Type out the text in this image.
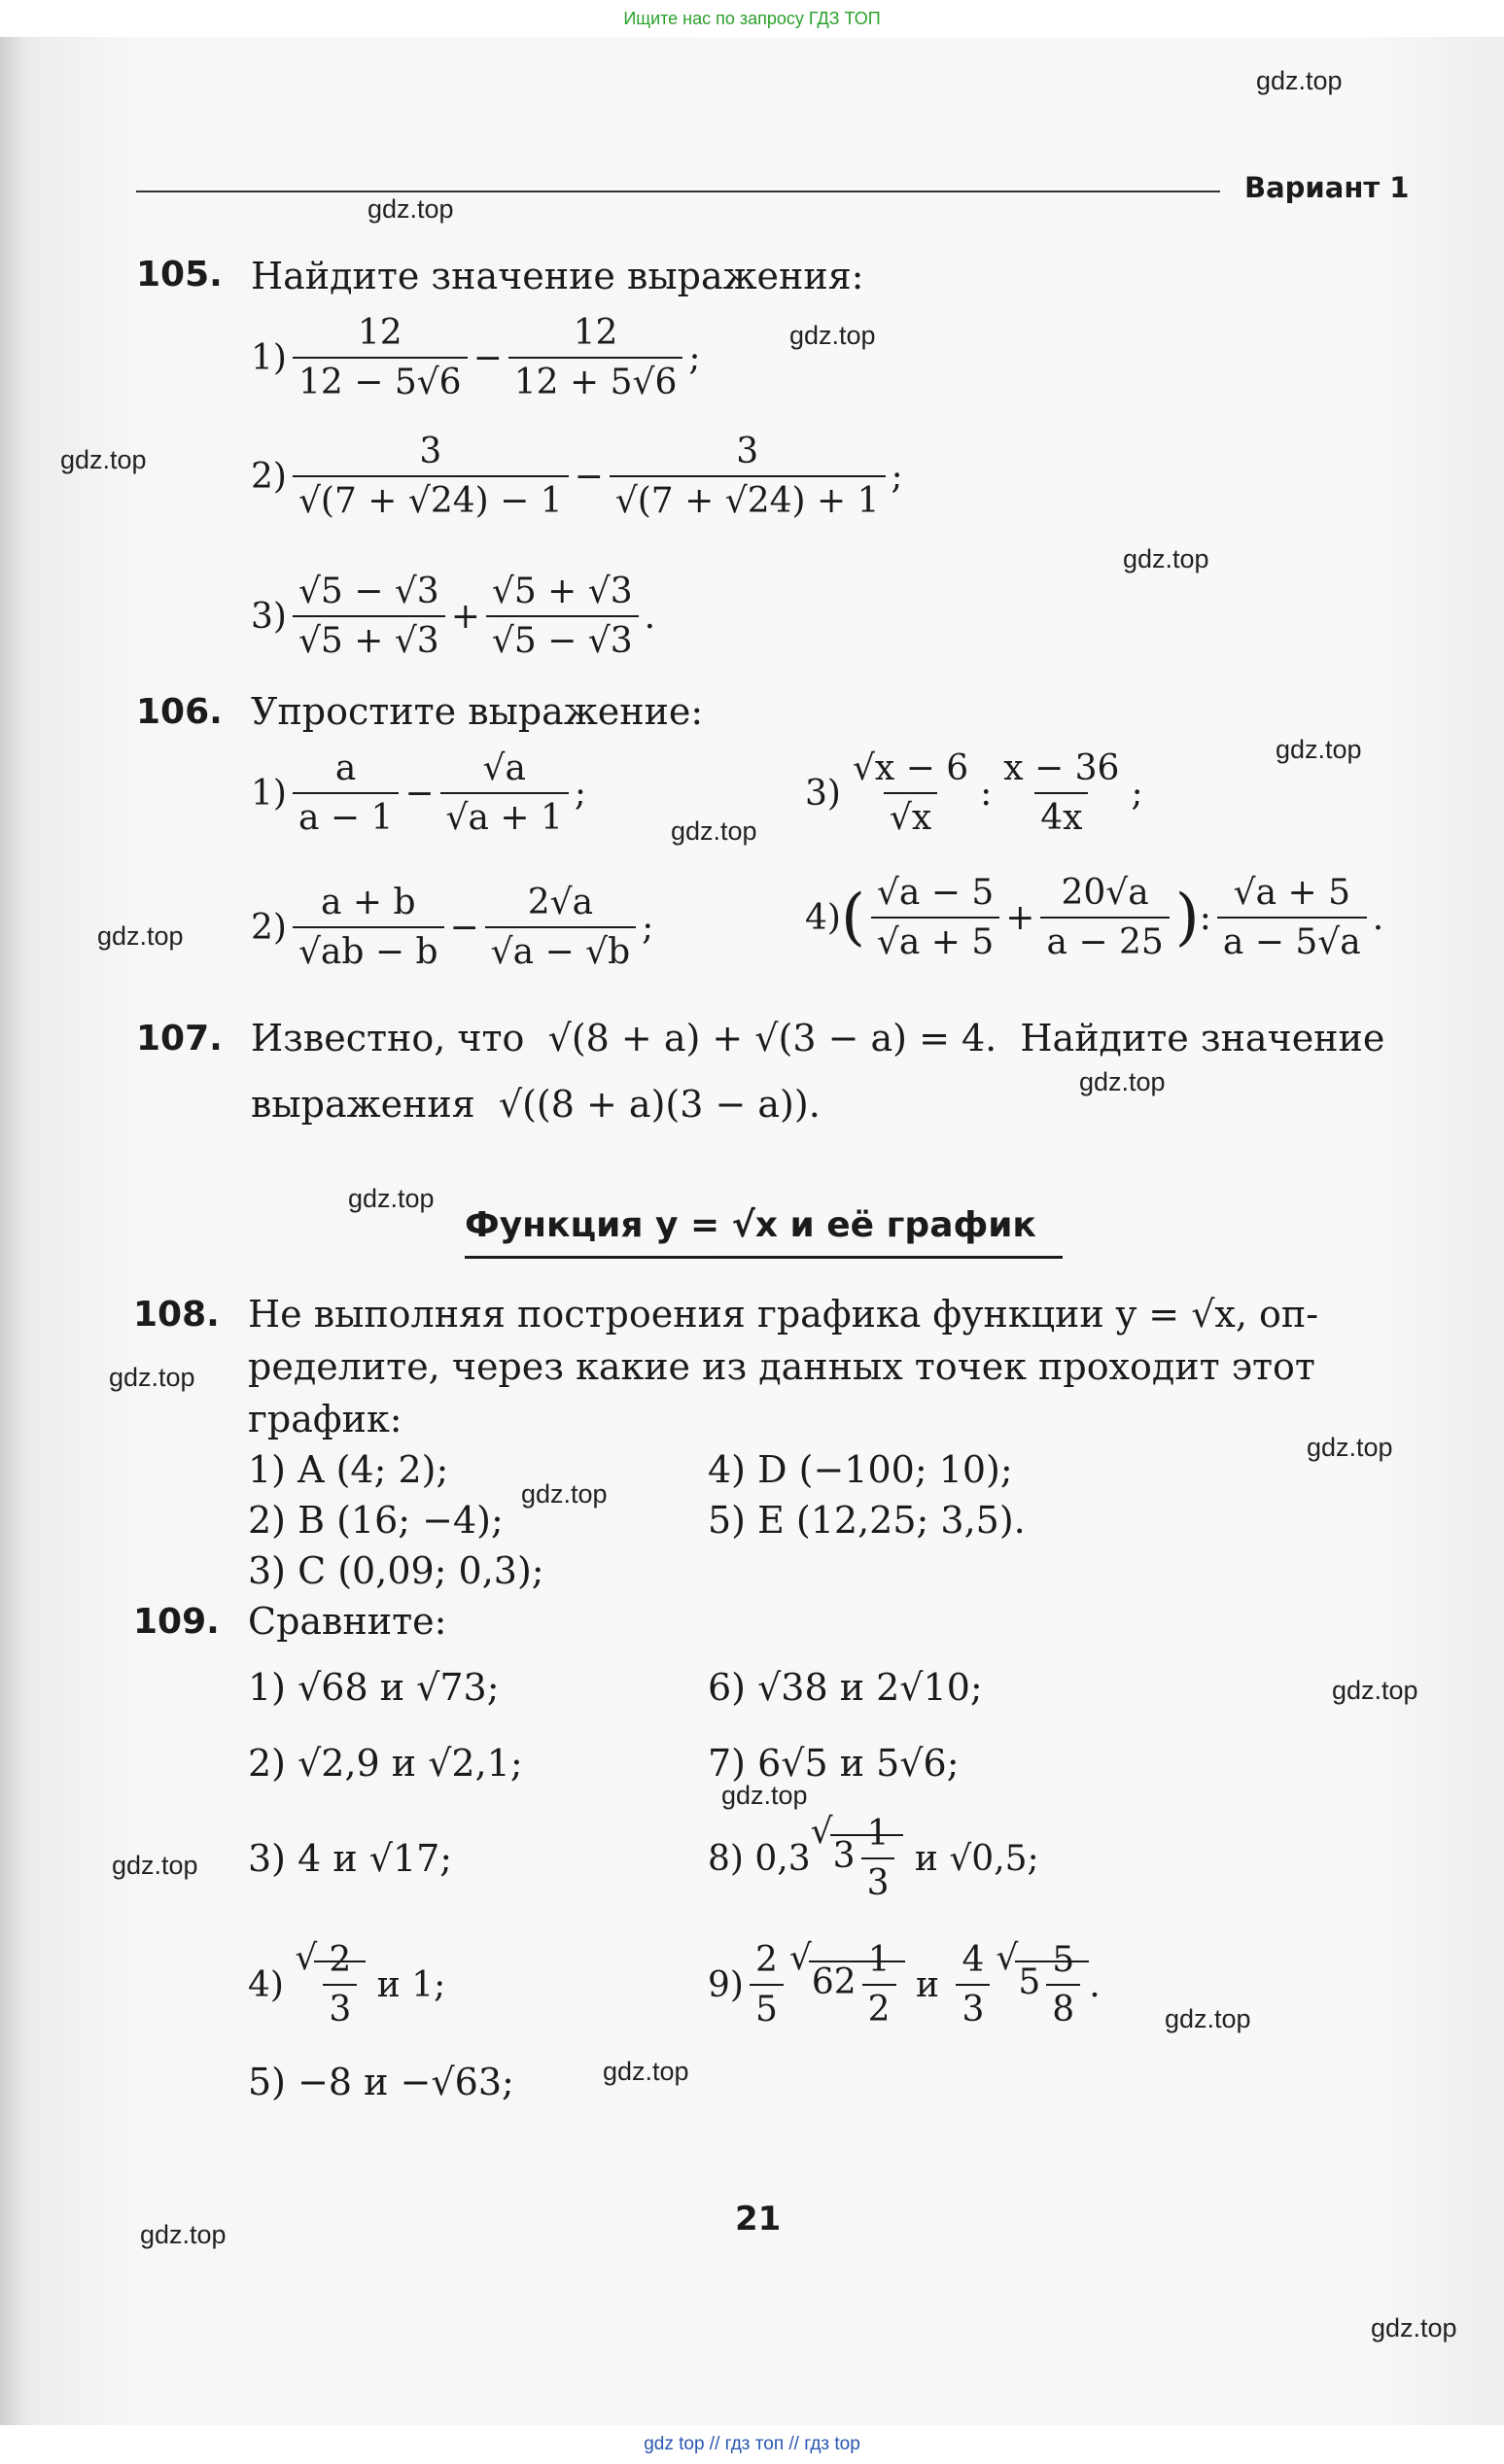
Ищите нас по запросу ГДЗ ТОП
gdz.top
gdz.top
gdz.top
gdz.top
gdz.top
gdz.top
gdz.top
gdz.top
gdz.top
gdz.top
gdz.top
gdz.top
gdz.top
gdz.top
gdz.top
gdz.top
gdz.top
gdz.top
gdz.top
gdz.top
Вариант 1
105. Найдите значение выражения:
$1) \frac{12}{12 - 5√6} - \frac{12}{12 + 5√6}$ ;
$2) \frac{3}{√(7 + √24) - 1} - \frac{3}{√(7 + √24) + 1}$ ;
$3) \frac{√5 - √3}{√5 + √3} + \frac{√5 + √3}{√5 - √3}$ .
106. Упростите выражение:
$1) \frac{a}{a - 1} - \frac{√a}{√a + 1}$ ;	$3) \frac{√x - 6}{√x}$ : $\frac{x - 36}{4x}$ ;
$2) \frac{a + b}{√ab - b} - \frac{2√a}{√a - √b}$ ;	4) ( $\frac{√a - 5}{√a + 5} + \frac{20√a}{a - 25}$ ) : $\frac{√a + 5}{a - 5√a}$ .
107. Известно, что √(8 + a) + √(3 − a) = 4. Найдите значение
выражения √((8 + a)(3 − a)).
Функция y = √x и её график
108. Не выполняя построения графика функции y = √x, оп-
ределите, через какие из данных точек проходит этот
график:
1) A (4; 2);
2) B (16; −4);
3) C (0,09; 0,3);
4) D (−100; 10);
5) E (12,25; 3,5).
109. Сравните:
1) √68 и √73;
2) √2,9 и √2,1;
3) 4 и √17;
4)
√ $\frac{2}{3}$
и 1;
5) −8 и −√63;
6) √38 и 2√10;
7) 6√5 и 5√6;
8) 0,3 √ $3 \frac{1}{3}$
и √0,5;
$9) \frac{2}{5}$ √ $62 \frac{1}{2}$
и
$\frac{4}{3}$ √ $5 \frac{5}{8}$ .
21
gdz top // гдз топ // гдз top
